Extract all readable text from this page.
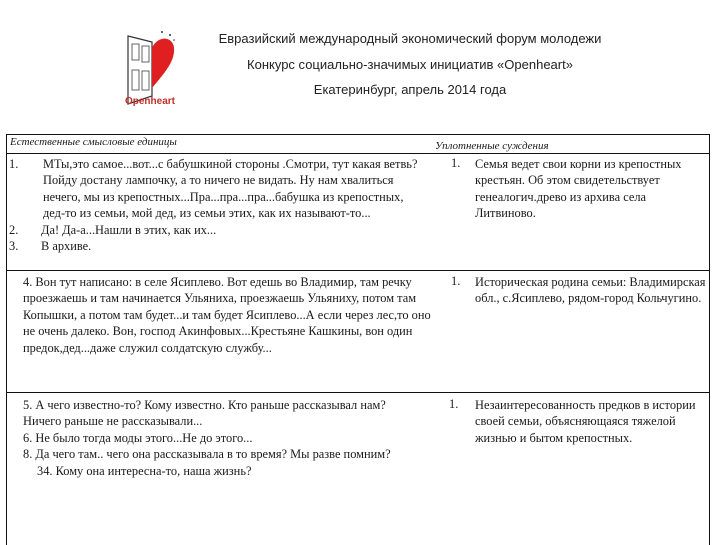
Openheart
Евразийский международный экономический форум молодежи
Конкурс социально-значимых инициатив «Openheart»
Екатеринбург, апрель 2014 года
Естественные смысловые единицы	Уплотненные суждения
1. МТы,это самое...вот...с бабушкиной стороны .Смотри, тут какая ветвь? Пойду достану лампочку, а то ничего не видать. Ну нам хвалиться нечего, мы из крепостных...Пра...пра...пра...бабушка из крепостных, дед-то из семьи, мой дед, из семьи этих, как их называют-то...
2. Да! Да-а...Нашли в этих, как их...
3. В архиве.
1. Семья ведет свои корни из крепостных крестьян. Об этом свидетельствует генеалогич.древо из архива села Литвиново.
4. Вон тут написано: в селе Ясиплево. Вот едешь во Владимир, там речку проезжаешь и там начинается Ульяниха, проезжаешь Ульяниху, потом там Копышки, а потом там будет...и там будет Ясиплево...А если через лес,то оно не очень далеко. Вон, господ Акинфовых...Крестьяне Кашкины, вон один предок,дед...даже служил солдатскую службу...
1. Историческая родина семьи: Владимирская обл., с.Ясиплево, рядом-город Кольчугино.
5. А чего известно-то? Кому известно. Кто раньше рассказывал нам?
Ничего раньше не рассказывали...
6. Не было тогда моды этого...Не до этого...
8. Да чего там.. чего она рассказывала в то время? Мы разве помним?
34. Кому она интересна-то, наша жизнь?
1. Незаинтересованность предков в истории своей семьи, объясняющаяся тяжелой жизнью и бытом крепостных.
